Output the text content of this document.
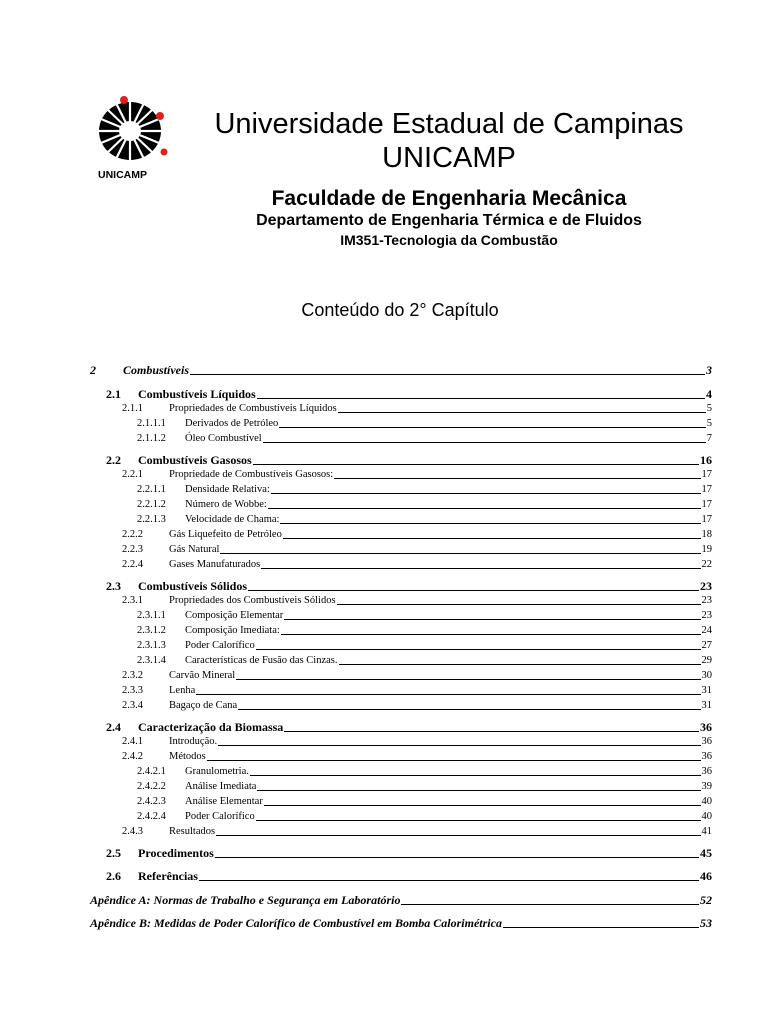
UNICAMP
Universidade Estadual de Campinas
UNICAMP
Faculdade de Engenharia Mecânica
Departamento de Engenharia Térmica e de Fluidos
IM351-Tecnologia da Combustão
Conteúdo do 2° Capítulo
2	Combustíveis	3
2.1	Combustíveis Líquidos	4
2.1.1	Propriedades de Combustíveis Líquidos	5
2.1.1.1	Derivados de Petróleo	5
2.1.1.2	Óleo Combustível	7
2.2	Combustíveis Gasosos	16
2.2.1	Propriedade de Combustíveis Gasosos:	17
2.2.1.1	Densidade Relativa:	17
2.2.1.2	Número de Wobbe:	17
2.2.1.3	Velocidade de Chama:	17
2.2.2	Gás Liquefeito de Petróleo	18
2.2.3	Gás Natural	19
2.2.4	Gases Manufaturados	22
2.3	Combustíveis Sólidos	23
2.3.1	Propriedades dos Combustíveis Sólidos	23
2.3.1.1	Composição Elementar	23
2.3.1.2	Composição Imediata:	24
2.3.1.3	Poder Calorífico	27
2.3.1.4	Características de Fusão das Cinzas.	29
2.3.2	Carvão Mineral	30
2.3.3	Lenha	31
2.3.4	Bagaço de Cana	31
2.4	Caracterização da Biomassa	36
2.4.1	Introdução.	36
2.4.2	Métodos	36
2.4.2.1	Granulometria.	36
2.4.2.2	Análise Imediata	39
2.4.2.3	Análise Elementar	40
2.4.2.4	Poder Calorífico	40
2.4.3	Resultados	41
2.5	Procedimentos	45
2.6	Referências	46
Apêndice A: Normas de Trabalho e Segurança em Laboratório	52
Apêndice B: Medidas de Poder Calorífico de Combustível em Bomba Calorimétrica	53
